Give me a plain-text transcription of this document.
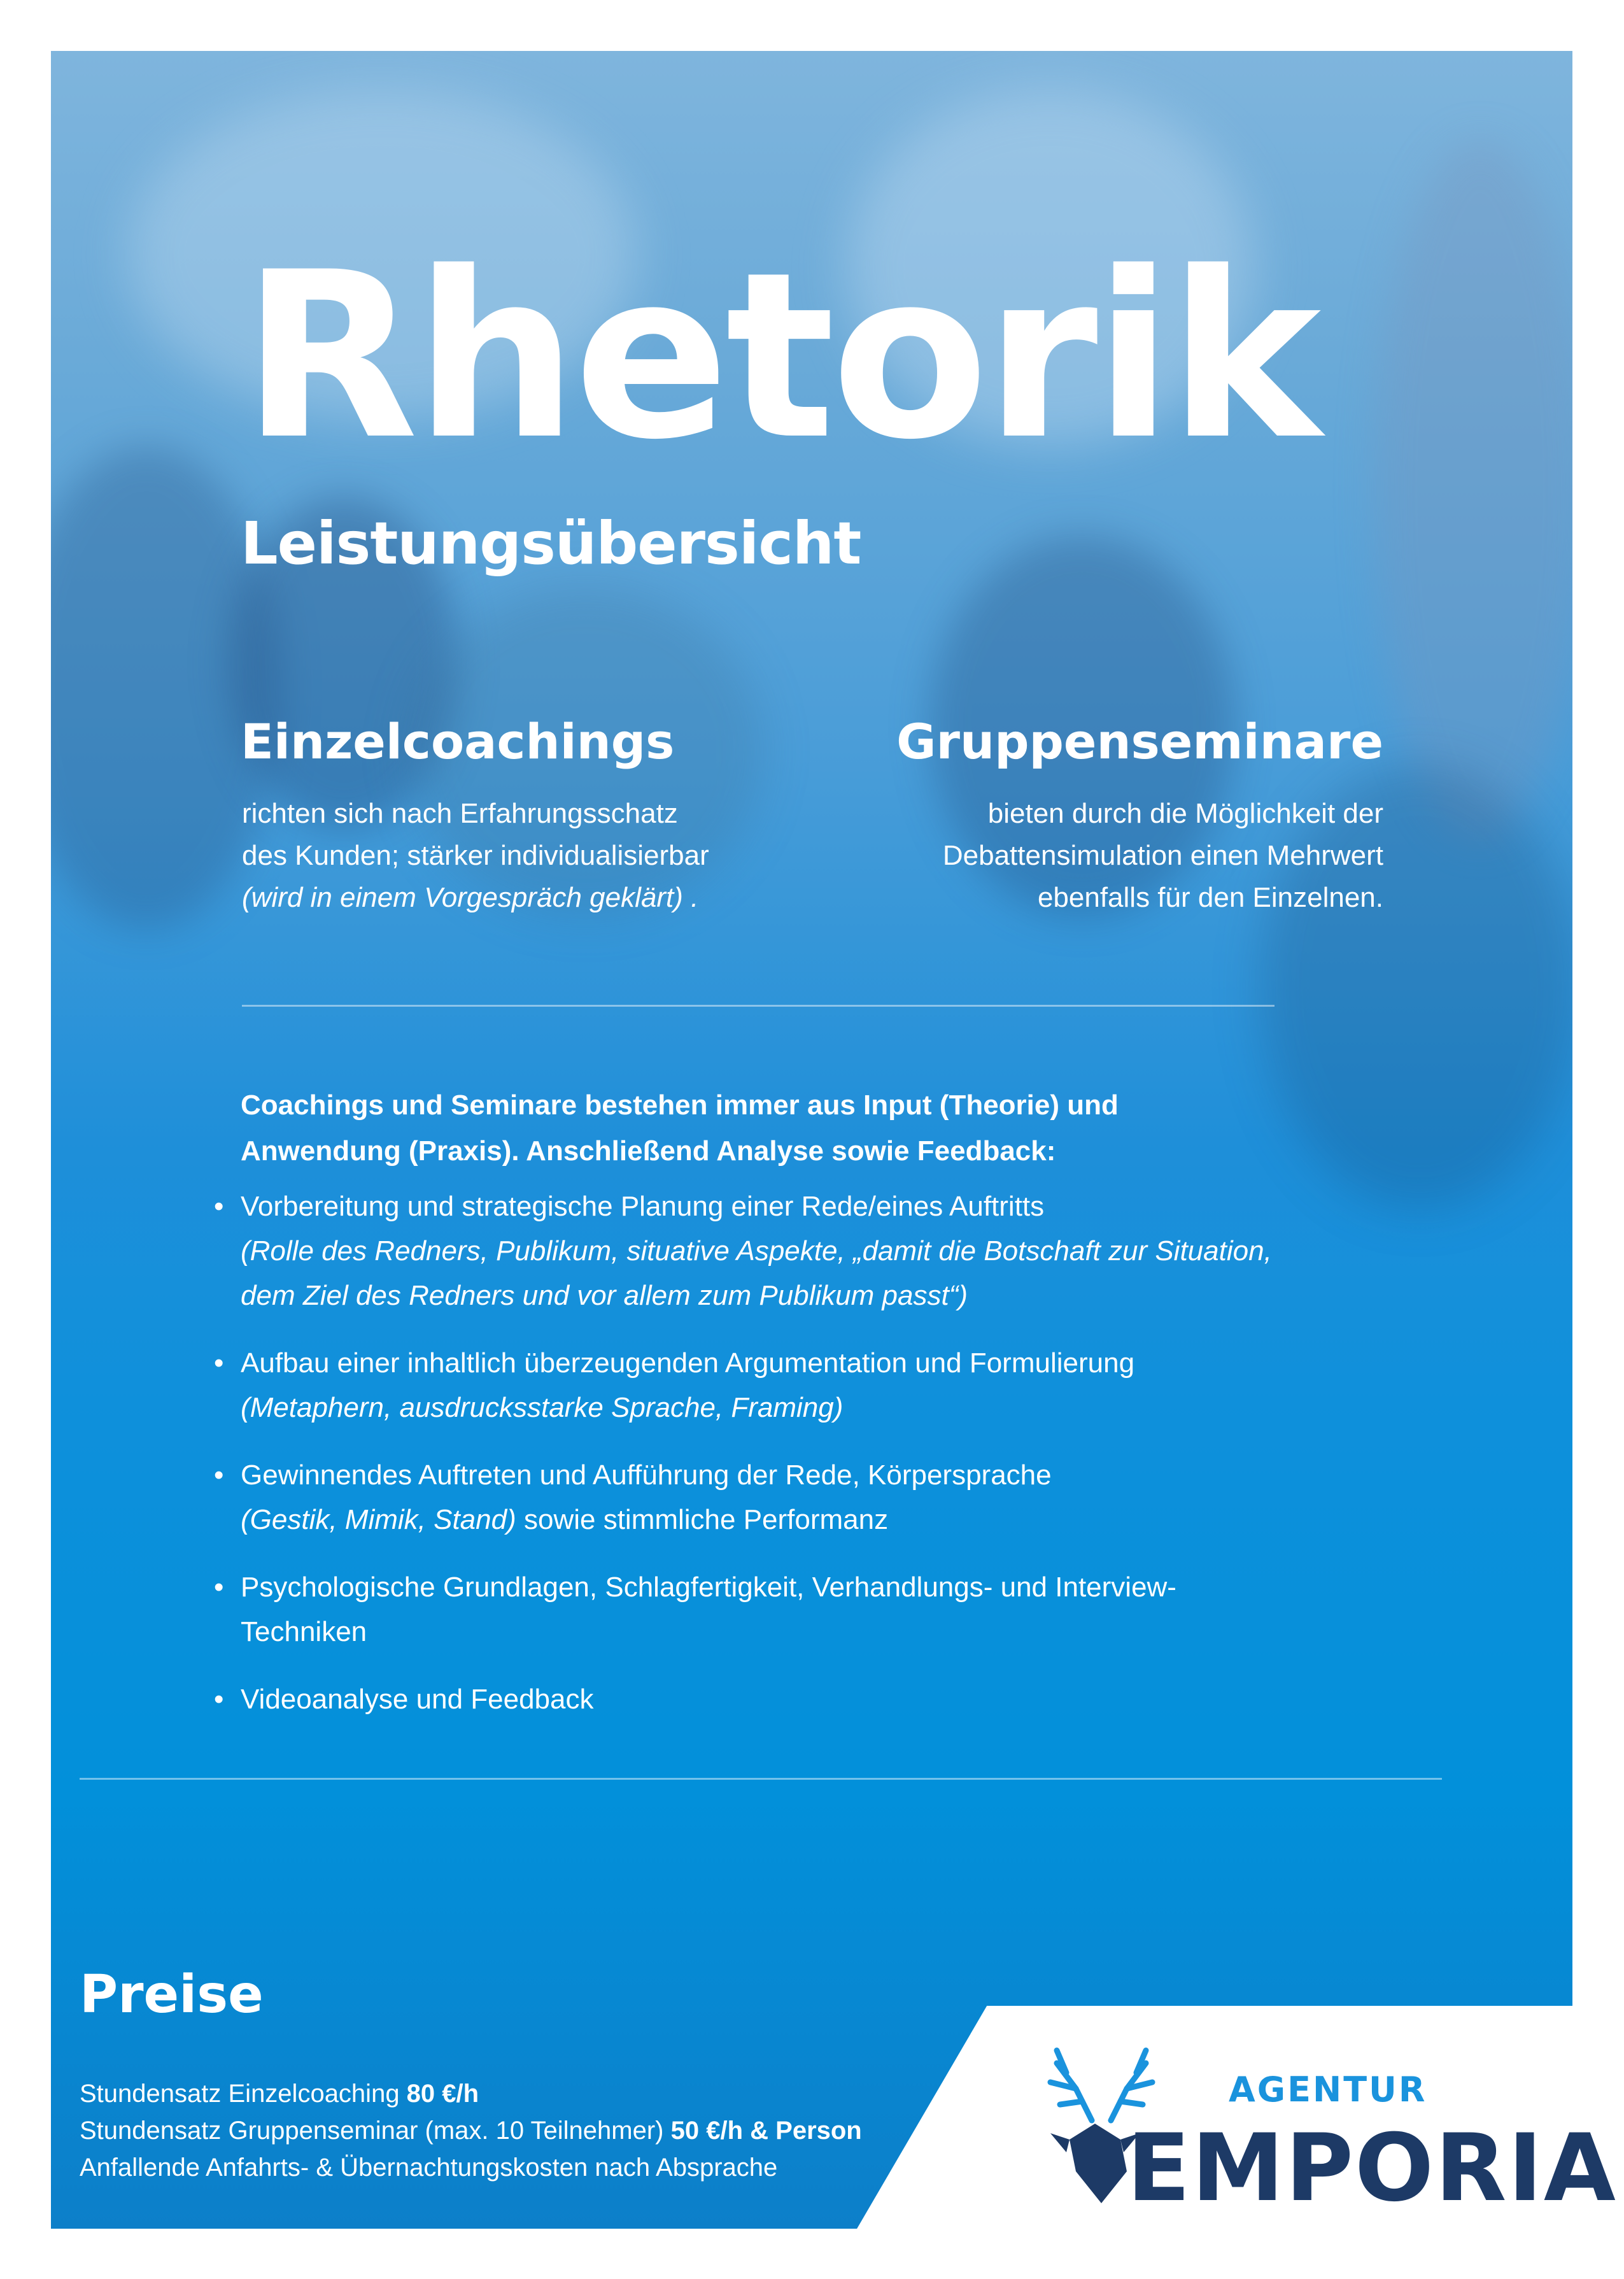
Rhetorik
Leistungsübersicht
Einzelcoachings

richten sich nach Erfahrungsschatz
des Kunden; stärker individualisierbar
(wird in einem Vorgespräch geklärt) .

Gruppenseminare

bieten durch die Möglichkeit der
Debattensimulation einen Mehrwert
ebenfalls für den Einzelnen.

Coachings und Seminare bestehen immer aus Input (Theorie) und
Anwendung (Praxis). Anschließend Analyse sowie Feedback:

• Vorbereitung und strategische Planung einer Rede/eines Auftritts
(Rolle des Redners, Publikum, situative Aspekte, „damit die Botschaft zur Situation,
dem Ziel des Redners und vor allem zum Publikum passt“)
• Aufbau einer inhaltlich überzeugenden Argumentation und Formulierung
(Metaphern, ausdrucksstarke Sprache, Framing)
• Gewinnendes Auftreten und Aufführung der Rede, Körpersprache
(Gestik, Mimik, Stand) sowie stimmliche Performanz
• Psychologische Grundlagen, Schlagfertigkeit, Verhandlungs- und Interview-
Techniken
• Videoanalyse und Feedback
Preise

Stundensatz Einzelcoaching 80 €/h

Stundensatz Gruppenseminar (max. 10 Teilnehmer) 50 €/h & Person

Anfallende Anfahrts- & Übernachtungskosten nach Absprache

AGENTUR

EMPORIA
